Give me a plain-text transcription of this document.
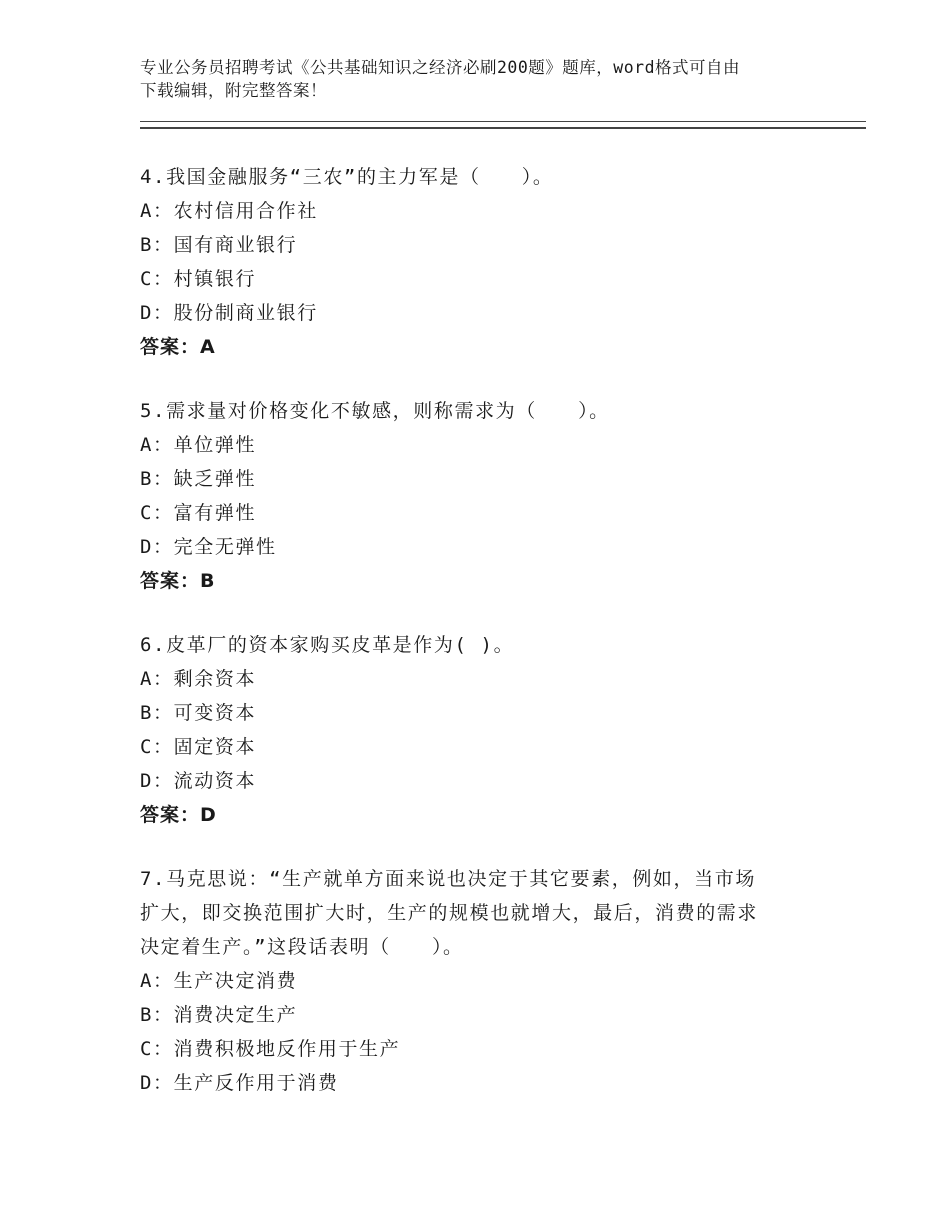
专业公务员招聘考试《公共基础知识之经济必刷200题》题库，word格式可自由
下载编辑，附完整答案！
4.我国金融服务“三农”的主力军是（　　）。
A：农村信用合作社
B：国有商业银行
C：村镇银行
D：股份制商业银行
答案：A
5.需求量对价格变化不敏感，则称需求为（　　）。
A：单位弹性
B：缺乏弹性
C：富有弹性
D：完全无弹性
答案：B
6.皮革厂的资本家购买皮革是作为( )。
A：剩余资本
B：可变资本
C：固定资本
D：流动资本
答案：D
7.马克思说：“生产就单方面来说也决定于其它要素，例如，当市场
扩大，即交换范围扩大时，生产的规模也就增大，最后，消费的需求
决定着生产。”这段话表明（　　）。
A：生产决定消费
B：消费决定生产
C：消费积极地反作用于生产
D：生产反作用于消费
